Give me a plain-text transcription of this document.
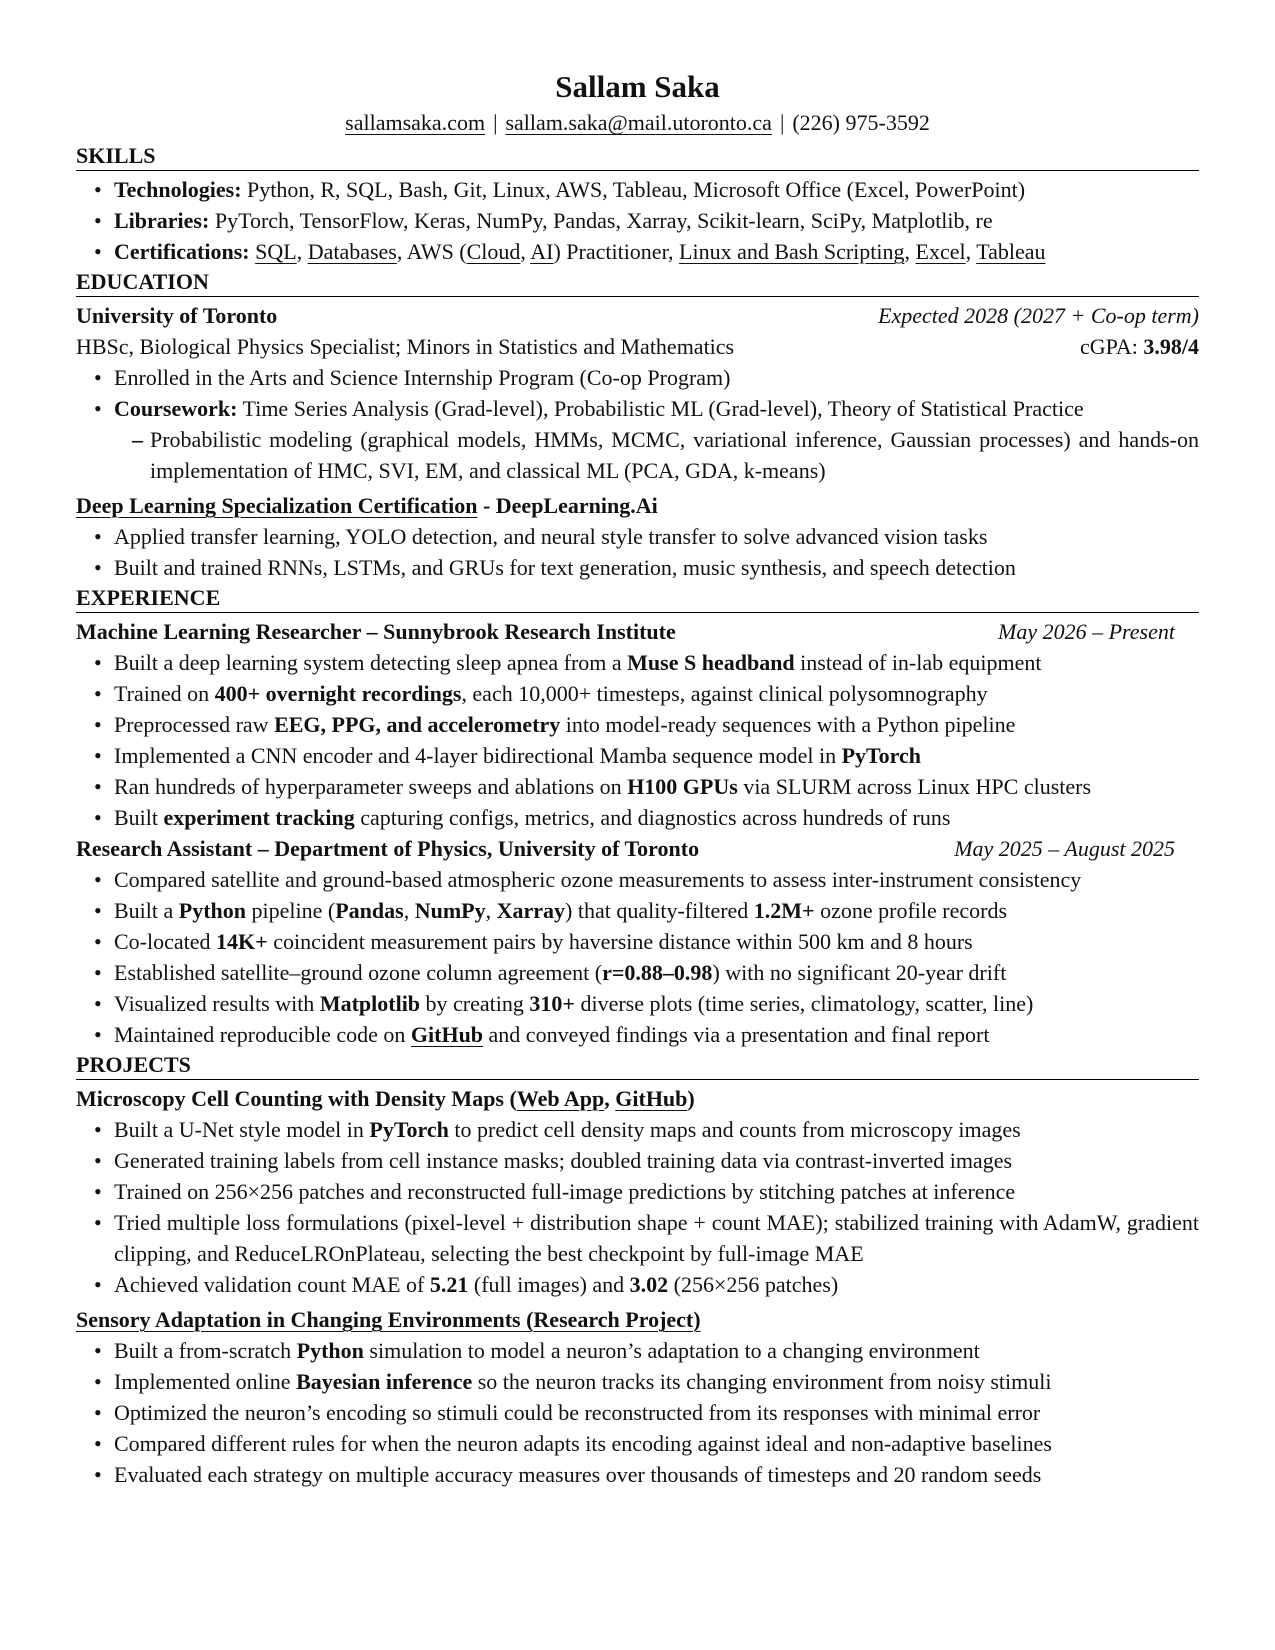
Sallam Saka
sallamsaka.com | sallam.saka@mail.utoronto.ca | (226) 975-3592
SKILLS
• Technologies: Python, R, SQL, Bash, Git, Linux, AWS, Tableau, Microsoft Office (Excel, PowerPoint)
• Libraries: PyTorch, TensorFlow, Keras, NumPy, Pandas, Xarray, Scikit-learn, SciPy, Matplotlib, re
• Certifications: SQL, Databases, AWS (Cloud, AI) Practitioner, Linux and Bash Scripting, Excel, Tableau
EDUCATION
University of Toronto	Expected 2028 (2027 + Co-op term)
HBSc, Biological Physics Specialist; Minors in Statistics and Mathematics	cGPA: 3.98/4
• Enrolled in the Arts and Science Internship Program (Co-op Program)
• Coursework: Time Series Analysis (Grad-level), Probabilistic ML (Grad-level), Theory of Statistical Practice
– Probabilistic modeling (graphical models, HMMs, MCMC, variational inference, Gaussian processes) and hands-on implementation of HMC, SVI, EM, and classical ML (PCA, GDA, k-means)
Deep Learning Specialization Certification - DeepLearning.Ai
• Applied transfer learning, YOLO detection, and neural style transfer to solve advanced vision tasks
• Built and trained RNNs, LSTMs, and GRUs for text generation, music synthesis, and speech detection
EXPERIENCE
Machine Learning Researcher – Sunnybrook Research Institute	May 2026 – Present
• Built a deep learning system detecting sleep apnea from a Muse S headband instead of in-lab equipment
• Trained on 400+ overnight recordings, each 10,000+ timesteps, against clinical polysomnography
• Preprocessed raw EEG, PPG, and accelerometry into model-ready sequences with a Python pipeline
• Implemented a CNN encoder and 4-layer bidirectional Mamba sequence model in PyTorch
• Ran hundreds of hyperparameter sweeps and ablations on H100 GPUs via SLURM across Linux HPC clusters
• Built experiment tracking capturing configs, metrics, and diagnostics across hundreds of runs
Research Assistant – Department of Physics, University of Toronto	May 2025 – August 2025
• Compared satellite and ground-based atmospheric ozone measurements to assess inter-instrument consistency
• Built a Python pipeline (Pandas, NumPy, Xarray) that quality-filtered 1.2M+ ozone profile records
• Co-located 14K+ coincident measurement pairs by haversine distance within 500 km and 8 hours
• Established satellite–ground ozone column agreement (r=0.88–0.98) with no significant 20-year drift
• Visualized results with Matplotlib by creating 310+ diverse plots (time series, climatology, scatter, line)
• Maintained reproducible code on GitHub and conveyed findings via a presentation and final report
PROJECTS
Microscopy Cell Counting with Density Maps (Web App, GitHub)
• Built a U-Net style model in PyTorch to predict cell density maps and counts from microscopy images
• Generated training labels from cell instance masks; doubled training data via contrast-inverted images
• Trained on 256×256 patches and reconstructed full-image predictions by stitching patches at inference
• Tried multiple loss formulations (pixel-level + distribution shape + count MAE); stabilized training with AdamW, gradient clipping, and ReduceLROnPlateau, selecting the best checkpoint by full-image MAE
• Achieved validation count MAE of 5.21 (full images) and 3.02 (256×256 patches)
Sensory Adaptation in Changing Environments (Research Project)
• Built a from-scratch Python simulation to model a neuron’s adaptation to a changing environment
• Implemented online Bayesian inference so the neuron tracks its changing environment from noisy stimuli
• Optimized the neuron’s encoding so stimuli could be reconstructed from its responses with minimal error
• Compared different rules for when the neuron adapts its encoding against ideal and non-adaptive baselines
• Evaluated each strategy on multiple accuracy measures over thousands of timesteps and 20 random seeds
